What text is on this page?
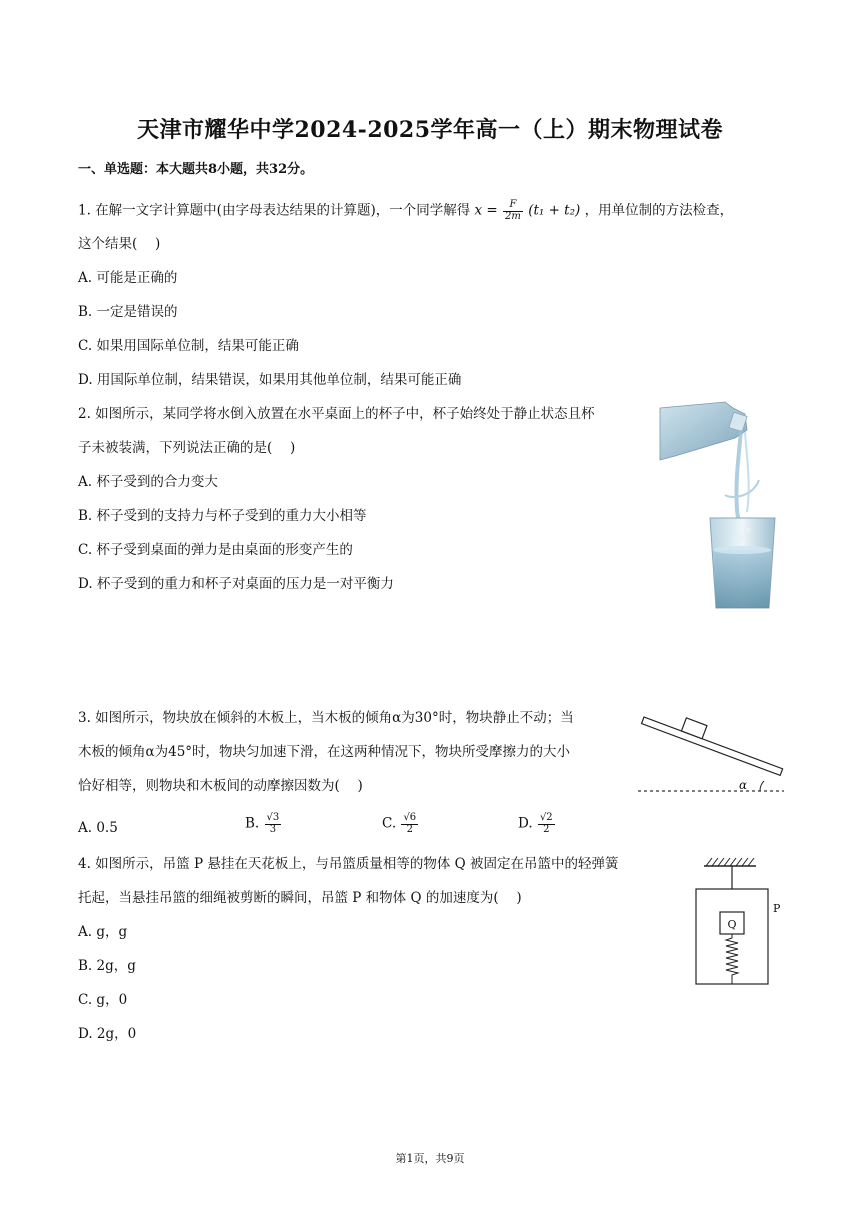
天津市耀华中学2024-2025学年高一（上）期末物理试卷
一、单选题：本大题共8小题，共32分。
1. 在解一文字计算题中(由字母表达结果的计算题)，一个同学解得 $x = \frac{F}{2m} (t_1 + t_2)$ ，用单位制的方法检查，
这个结果(　 )
A. 可能是正确的
B. 一定是错误的
C. 如果用国际单位制，结果可能正确
D. 用国际单位制，结果错误，如果用其他单位制，结果可能正确
2. 如图所示，某同学将水倒入放置在水平桌面上的杯子中，杯子始终处于静止状态且杯
子未被装满，下列说法正确的是(　 )
A. 杯子受到的合力变大
B. 杯子受到的支持力与杯子受到的重力大小相等
C. 杯子受到桌面的弹力是由桌面的形变产生的
D. 杯子受到的重力和杯子对桌面的压力是一对平衡力
3. 如图所示，物块放在倾斜的木板上，当木板的倾角α为30°时，物块静止不动；当
木板的倾角α为45°时，物块匀加速下滑，在这两种情况下，物块所受摩擦力的大小
恰好相等，则物块和木板间的动摩擦因数为(　 )
A. 0.5	B. $\frac{√3}{3}$	C. $\frac{√6}{2}$	D. $\frac{√2}{2}$
α
4. 如图所示，吊篮 P 悬挂在天花板上，与吊篮质量相等的物体 Q 被固定在吊篮中的轻弹簧
托起，当悬挂吊篮的细绳被剪断的瞬间，吊篮 P 和物体 Q 的加速度为(　 )
A. g，g
B. 2g，g
C. g，0
D. 2g，0
Q
P
第1页，共9页
